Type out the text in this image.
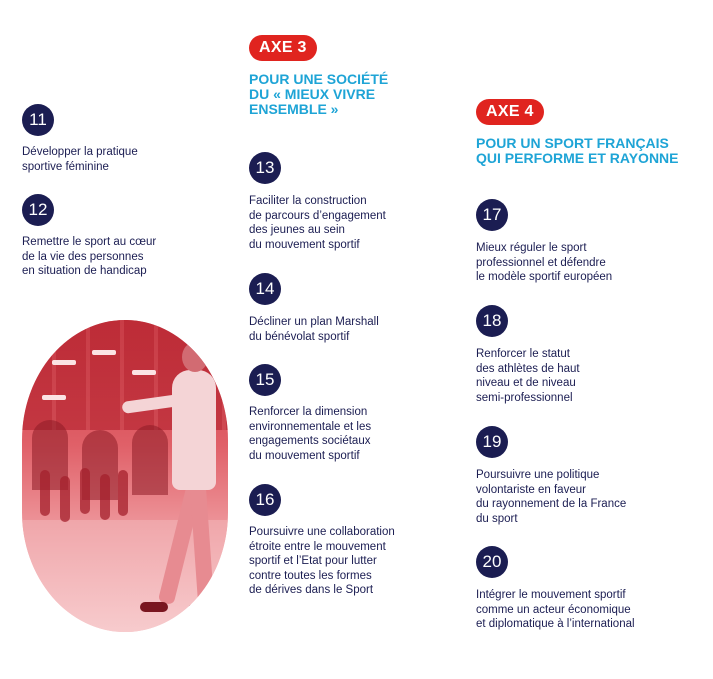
AXE 3
POUR UNE SOCIÉTÉ
DU « MIEUX VIVRE
ENSEMBLE »	AXE 4
POUR UN SPORT FRANÇAIS
QUI PERFORME ET RAYONNE
11
Développer la pratique
sportive féminine
12
Remettre le sport au cœur
de la vie des personnes
en situation de handicap
13
Faciliter la construction
de parcours d’engagement
des jeunes au sein
du mouvement sportif
14
Décliner un plan Marshall
du bénévolat sportif
15
Renforcer la dimension
environnementale et les
engagements sociétaux
du mouvement sportif
16
Poursuivre une collaboration
étroite entre le mouvement
sportif et l’Etat pour lutter
contre toutes les formes
de dérives dans le Sport
17
Mieux réguler le sport
professionnel et défendre
le modèle sportif européen
18
Renforcer le statut
des athlètes de haut
niveau et de niveau
semi-professionnel
19
Poursuivre une politique
volontariste en faveur
du rayonnement de la France
du sport
20
Intégrer le mouvement sportif
comme un acteur économique
et diplomatique à l’international
